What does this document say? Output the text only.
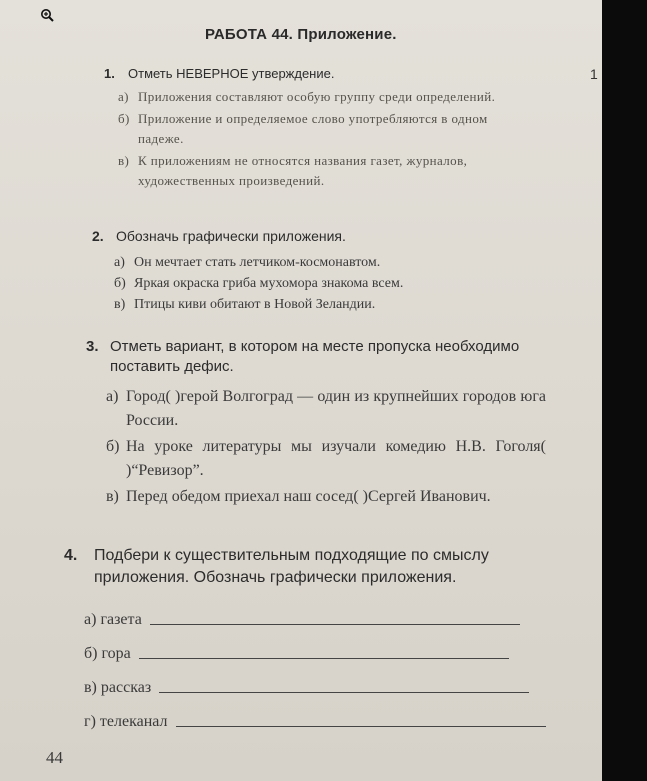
1
РАБОТА 44. Приложение.
1. Отметь НЕВЕРНОЕ утверждение.
а) Приложения составляют особую группу среди определений.
б) Приложение и определяемое слово употребляются в одном падеже.
в) К приложениям не относятся названия газет, журналов, художественных произведений.
2. Обозначь графически приложения.
а) Он мечтает стать летчиком-космонавтом.
б) Яркая окраска гриба мухомора знакома всем.
в) Птицы киви обитают в Новой Зеландии.
3. Отметь вариант, в котором на месте пропуска необходимо поставить дефис.
а) Город( )герой Волгоград — один из крупнейших городов юга России.
б) На уроке литературы мы изучали комедию Н.В. Гоголя( )“Ревизор”.
в) Перед обедом приехал наш сосед( )Сергей Иванович.
4. Подбери к существительным подходящие по смыслу приложения. Обозначь графически приложения.
а) газета
б) гора
в) рассказ
г) телеканал
44
